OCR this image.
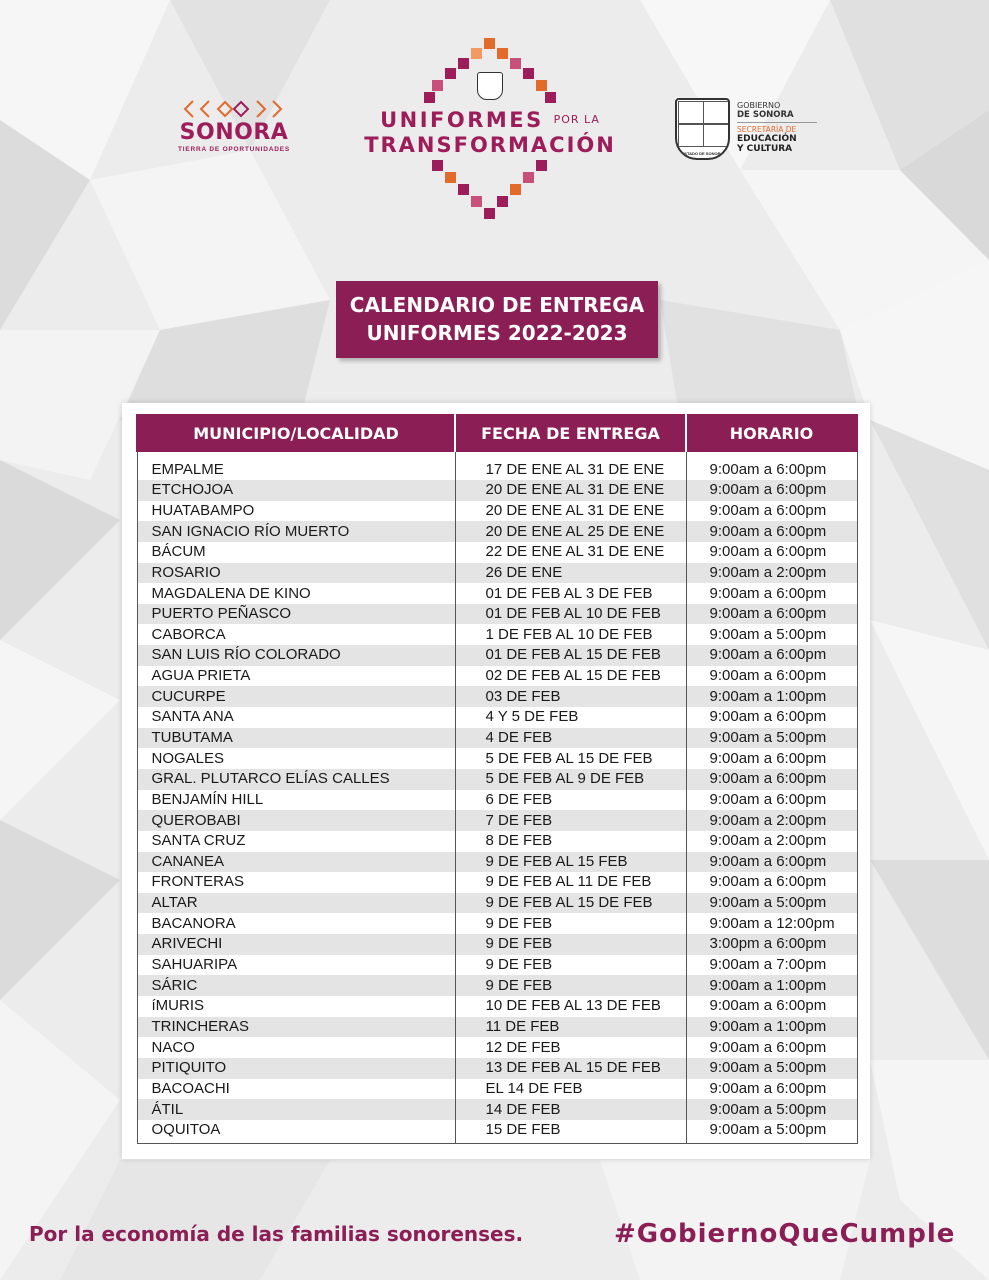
SONORA
TIERRA DE OPORTUNIDADES
UNIFORMES POR LA
TRANSFORMACIÓN	ESTADO DE SONORA
GOBIERNO
DE SONORA
SECRETARÍA DE
EDUCACIÓN
Y CULTURA
CALENDARIO DE ENTREGA
UNIFORMES 2022-2023
MUNICIPIO/LOCALIDAD	FECHA DE ENTREGA	HORARIO
EMPALME	17 DE ENE AL 31 DE ENE	9:00am a 6:00pm
ETCHOJOA	20 DE ENE AL 31 DE ENE	9:00am a 6:00pm
HUATABAMPO	20 DE ENE AL 31 DE ENE	9:00am a 6:00pm
SAN IGNACIO RÍO MUERTO	20 DE ENE AL 25 DE ENE	9:00am a 6:00pm
BÁCUM	22 DE ENE AL 31 DE ENE	9:00am a 6:00pm
ROSARIO	26 DE ENE	9:00am a 2:00pm
MAGDALENA DE KINO	01 DE FEB AL 3 DE FEB	9:00am a 6:00pm
PUERTO PEÑASCO	01 DE FEB AL 10 DE FEB	9:00am a 6:00pm
CABORCA	1 DE FEB AL 10 DE FEB	9:00am a 5:00pm
SAN LUIS RÍO COLORADO	01 DE FEB AL 15 DE FEB	9:00am a 6:00pm
AGUA PRIETA	02 DE FEB AL 15 DE FEB	9:00am a 6:00pm
CUCURPE	03 DE FEB	9:00am a 1:00pm
SANTA ANA	4 Y 5 DE FEB	9:00am a 6:00pm
TUBUTAMA	4 DE FEB	9:00am a 5:00pm
NOGALES	5 DE FEB AL 15 DE FEB	9:00am a 6:00pm
GRAL. PLUTARCO ELÍAS CALLES	5 DE FEB AL 9 DE FEB	9:00am a 6:00pm
BENJAMÍN HILL	6 DE FEB	9:00am a 6:00pm
QUEROBABI	7 DE FEB	9:00am a 2:00pm
SANTA CRUZ	8 DE FEB	9:00am a 2:00pm
CANANEA	9 DE FEB AL 15 FEB	9:00am a 6:00pm
FRONTERAS	9 DE FEB AL 11 DE FEB	9:00am a 6:00pm
ALTAR	9 DE FEB AL 15 DE FEB	9:00am a 5:00pm
BACANORA	9 DE FEB	9:00am a 12:00pm
ARIVECHI	9 DE FEB	3:00pm a 6:00pm
SAHUARIPA	9 DE FEB	9:00am a 7:00pm
SÁRIC	9 DE FEB	9:00am a 1:00pm
íMURIS	10 DE FEB AL 13 DE FEB	9:00am a 6:00pm
TRINCHERAS	11 DE FEB	9:00am a 1:00pm
NACO	12 DE FEB	9:00am a 6:00pm
PITIQUITO	13 DE FEB AL 15 DE FEB	9:00am a 5:00pm
BACOACHI	EL 14 DE FEB	9:00am a 6:00pm
ÁTIL	14 DE FEB	9:00am a 5:00pm
OQUITOA	15 DE FEB	9:00am a 5:00pm
Por la economía de las familias sonorenses.	#GobiernoQueCumple
